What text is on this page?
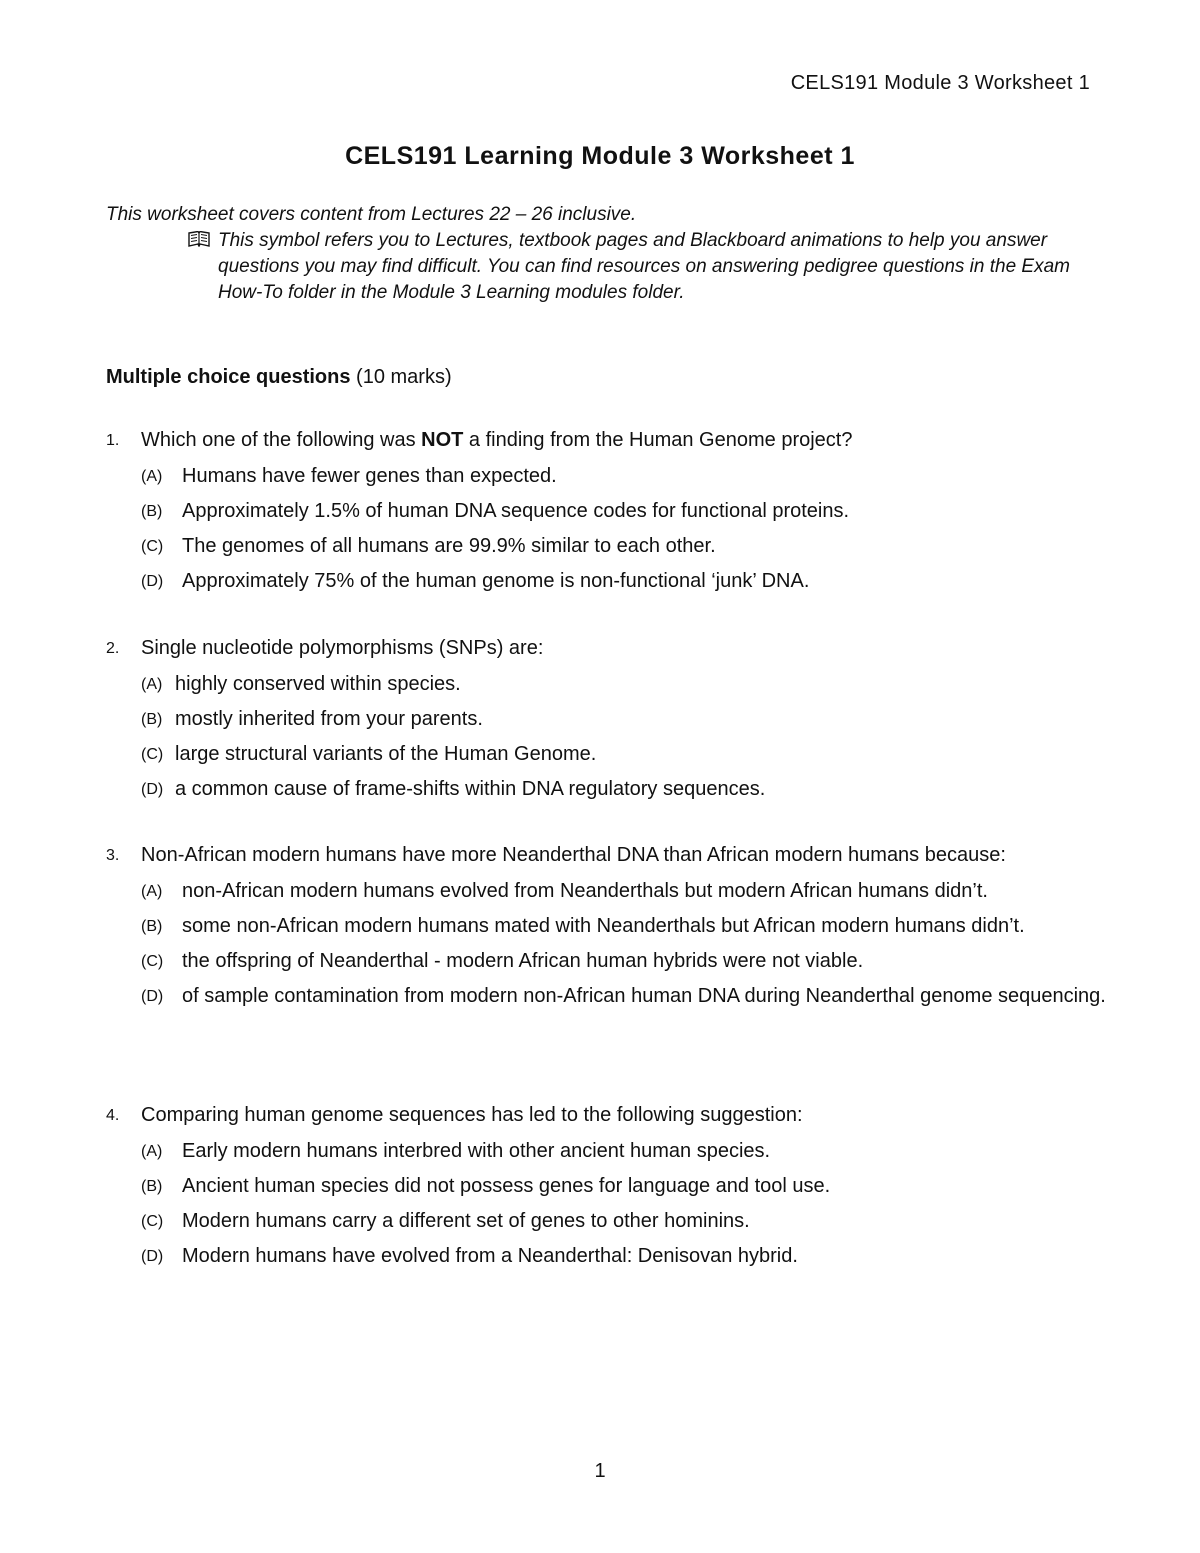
CELS191 Module 3 Worksheet 1
CELS191 Learning Module 3 Worksheet 1
This worksheet covers content from Lectures 22 – 26 inclusive.
This symbol refers you to Lectures, textbook pages and Blackboard animations to help you answer questions you may find difficult. You can find resources on answering pedigree questions in the Exam How-To folder in the Module 3 Learning modules folder.
Multiple choice questions (10 marks)
1. Which one of the following was NOT a finding from the Human Genome project?
(A) Humans have fewer genes than expected.
(B) Approximately 1.5% of human DNA sequence codes for functional proteins.
(C) The genomes of all humans are 99.9% similar to each other.
(D) Approximately 75% of the human genome is non-functional ‘junk’ DNA.
2. Single nucleotide polymorphisms (SNPs) are:
(A) highly conserved within species.
(B) mostly inherited from your parents.
(C) large structural variants of the Human Genome.
(D) a common cause of frame-shifts within DNA regulatory sequences.
3. Non-African modern humans have more Neanderthal DNA than African modern humans because:
(A) non-African modern humans evolved from Neanderthals but modern African humans didn’t.
(B) some non-African modern humans mated with Neanderthals but African modern humans didn’t.
(C) the offspring of Neanderthal - modern African human hybrids were not viable.
(D) of sample contamination from modern non-African human DNA during Neanderthal genome sequencing.
4. Comparing human genome sequences has led to the following suggestion:
(A) Early modern humans interbred with other ancient human species.
(B) Ancient human species did not possess genes for language and tool use.
(C) Modern humans carry a different set of genes to other hominins.
(D) Modern humans have evolved from a Neanderthal: Denisovan hybrid.
1
